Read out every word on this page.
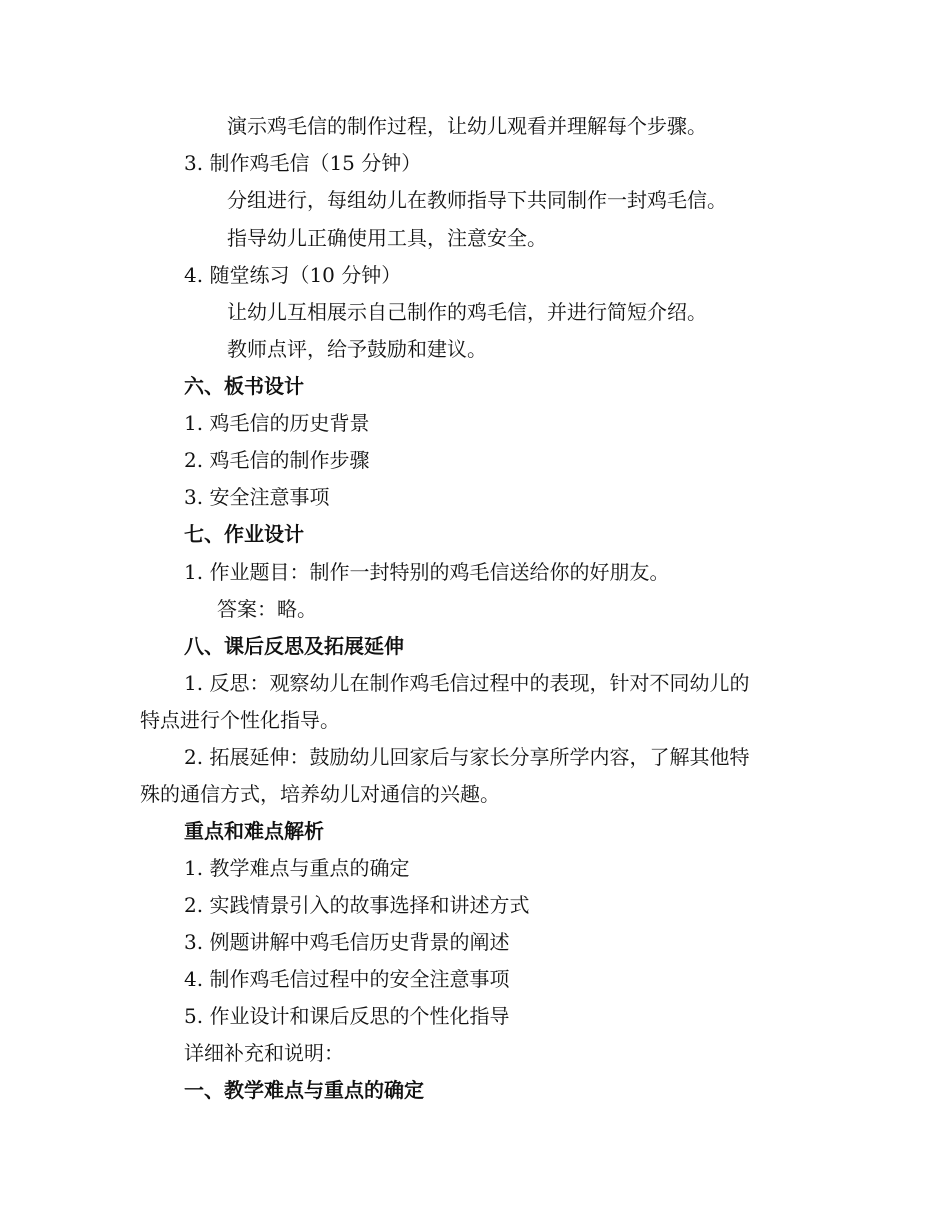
演示鸡毛信的制作过程，让幼儿观看并理解每个步骤。
3. 制作鸡毛信（15 分钟）
分组进行，每组幼儿在教师指导下共同制作一封鸡毛信。
指导幼儿正确使用工具，注意安全。
4. 随堂练习（10 分钟）
让幼儿互相展示自己制作的鸡毛信，并进行简短介绍。
教师点评，给予鼓励和建议。
六、板书设计
1. 鸡毛信的历史背景
2. 鸡毛信的制作步骤
3. 安全注意事项
七、作业设计
1. 作业题目：制作一封特别的鸡毛信送给你的好朋友。
答案：略。
八、课后反思及拓展延伸
1. 反思：观察幼儿在制作鸡毛信过程中的表现，针对不同幼儿的
特点进行个性化指导。
2. 拓展延伸：鼓励幼儿回家后与家长分享所学内容，了解其他特
殊的通信方式，培养幼儿对通信的兴趣。
重点和难点解析
1. 教学难点与重点的确定
2. 实践情景引入的故事选择和讲述方式
3. 例题讲解中鸡毛信历史背景的阐述
4. 制作鸡毛信过程中的安全注意事项
5. 作业设计和课后反思的个性化指导
详细补充和说明：
一、教学难点与重点的确定
